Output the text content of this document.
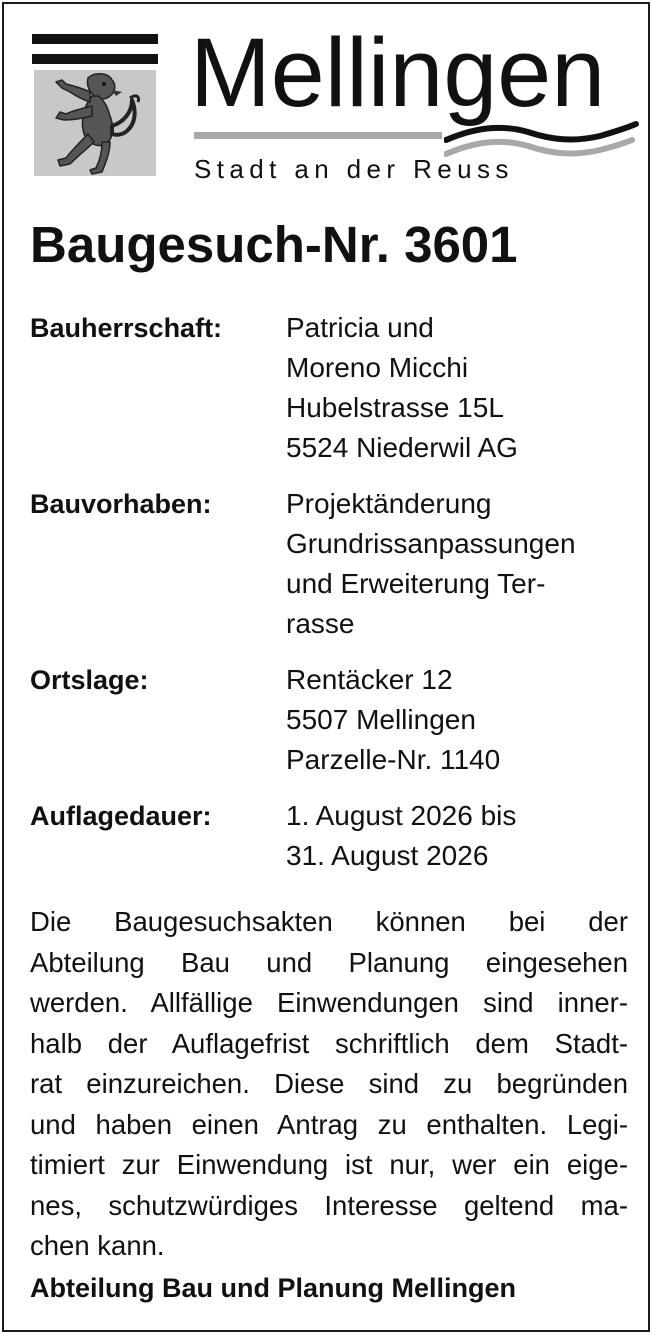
Mellingen
Stadt an der Reuss
Baugesuch-Nr. 3601
Bauherrschaft:	Patricia und
Moreno Micchi
Hubelstrasse 15L
5524 Niederwil AG
Bauvorhaben:	Projektänderung
Grundrissanpassungen
und Erweiterung Ter-
rasse
Ortslage:	Rentäcker 12
5507 Mellingen
Parzelle-Nr. 1140
Auflagedauer:	1. August 2026 bis
31. August 2026
Die Baugesuchsakten können bei der
Abteilung Bau und Planung eingesehen
werden. Allfällige Einwendungen sind inner-
halb der Auflagefrist schriftlich dem Stadt-
rat einzureichen. Diese sind zu begründen
und haben einen Antrag zu enthalten. Legi-
timiert zur Einwendung ist nur, wer ein eige-
nes, schutzwürdiges Interesse geltend ma-
chen kann.
Abteilung Bau und Planung Mellingen
